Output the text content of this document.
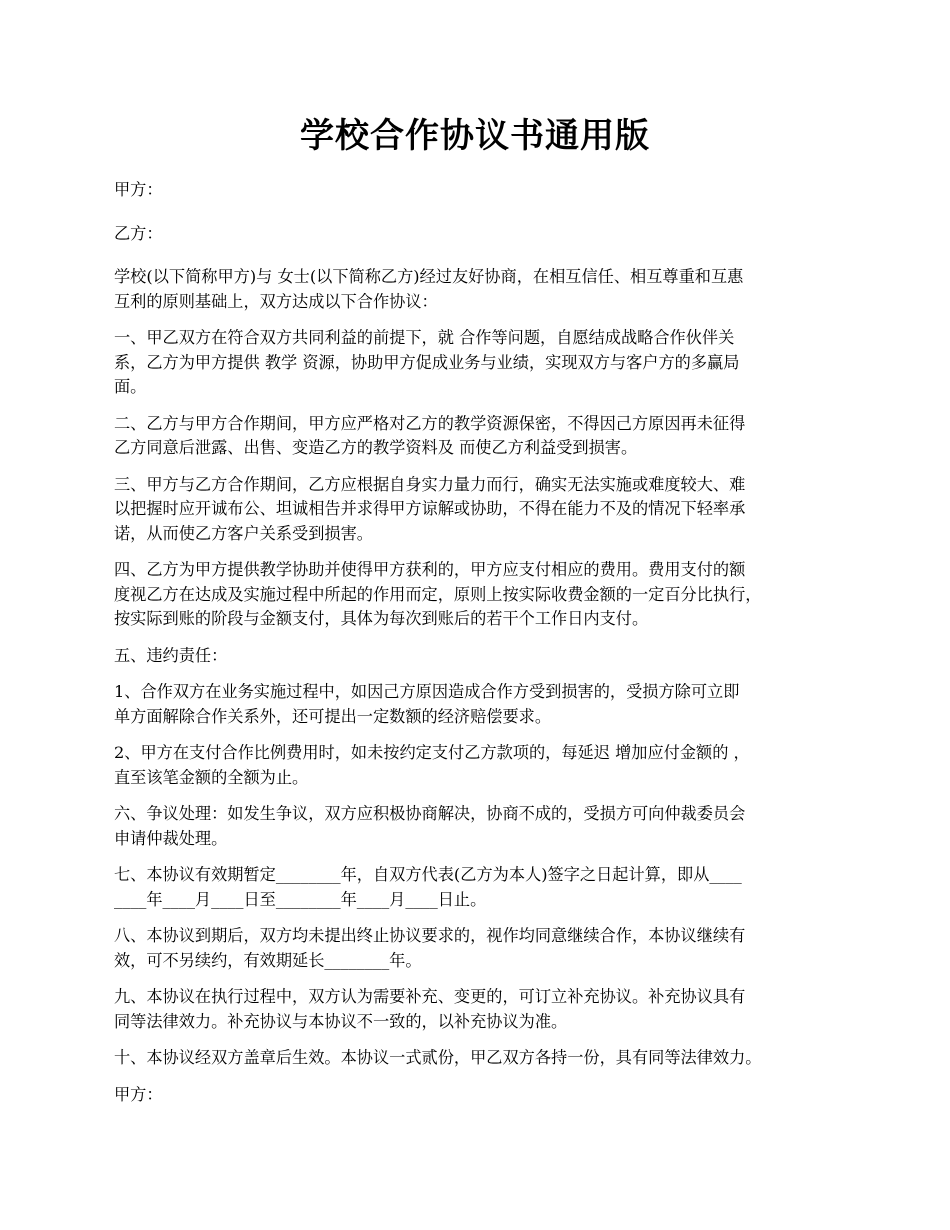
学校合作协议书通用版

甲方：

乙方：

学校(以下简称甲方)与 女士(以下简称乙方)经过友好协商，在相互信任、相互尊重和互惠
互利的原则基础上，双方达成以下合作协议：

一、甲乙双方在符合双方共同利益的前提下，就 合作等问题，自愿结成战略合作伙伴关
系，乙方为甲方提供 教学 资源，协助甲方促成业务与业绩，实现双方与客户方的多赢局
面。

二、乙方与甲方合作期间，甲方应严格对乙方的教学资源保密，不得因己方原因再未征得
乙方同意后泄露、出售、变造乙方的教学资料及 而使乙方利益受到损害。

三、甲方与乙方合作期间，乙方应根据自身实力量力而行，确实无法实施或难度较大、难
以把握时应开诚布公、坦诚相告并求得甲方谅解或协助，不得在能力不及的情况下轻率承
诺，从而使乙方客户关系受到损害。

四、乙方为甲方提供教学协助并使得甲方获利的，甲方应支付相应的费用。费用支付的额
度视乙方在达成及实施过程中所起的作用而定，原则上按实际收费金额的一定百分比执行，
按实际到账的阶段与金额支付，具体为每次到账后的若干个工作日内支付。

五、违约责任：

1、合作双方在业务实施过程中，如因己方原因造成合作方受到损害的，受损方除可立即
单方面解除合作关系外，还可提出一定数额的经济赔偿要求。

2、甲方在支付合作比例费用时，如未按约定支付乙方款项的，每延迟 增加应付金额的 ，
直至该笔金额的全额为止。

六、争议处理：如发生争议，双方应积极协商解决，协商不成的，受损方可向仲裁委员会
申请仲裁处理。

七、本协议有效期暂定________年，自双方代表(乙方为本人)签字之日起计算，即从____
____年____月____日至________年____月____日止。

八、本协议到期后，双方均未提出终止协议要求的，视作均同意继续合作，本协议继续有
效，可不另续约，有效期延长________年。

九、本协议在执行过程中，双方认为需要补充、变更的，可订立补充协议。补充协议具有
同等法律效力。补充协议与本协议不一致的，以补充协议为准。

十、本协议经双方盖章后生效。本协议一式贰份，甲乙双方各持一份，具有同等法律效力。

甲方：
